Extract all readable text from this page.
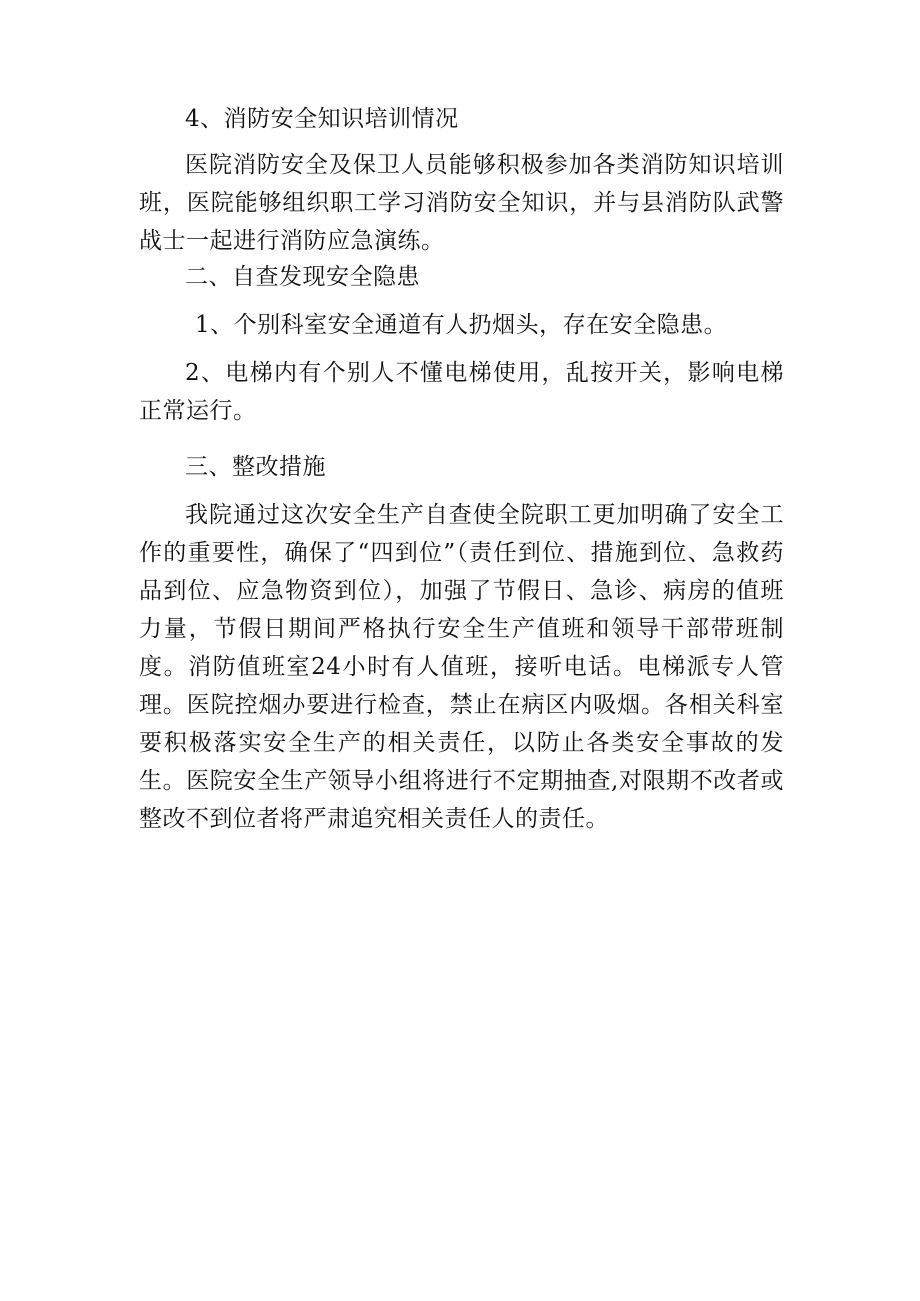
4、消防安全知识培训情况

医院消防安全及保卫人员能够积极参加各类消防知识培训班，医院能够组织职工学习消防安全知识，并与县消防队武警战士一起进行消防应急演练。

二、自查发现安全隐患

1、个别科室安全通道有人扔烟头，存在安全隐患。

2、电梯内有个别人不懂电梯使用，乱按开关，影响电梯正常运行。

三、整改措施

我院通过这次安全生产自查使全院职工更加明确了安全工作的重要性，确保了“四到位”（责任到位、措施到位、急救药品到位、应急物资到位），加强了节假日、急诊、病房的值班力量，节假日期间严格执行安全生产值班和领导干部带班制度。消防值班室24小时有人值班，接听电话。电梯派专人管理。医院控烟办要进行检查，禁止在病区内吸烟。各相关科室要积极落实安全生产的相关责任，以防止各类安全事故的发生。医院安全生产领导小组将进行不定期抽查,对限期不改者或整改不到位者将严肃追究相关责任人的责任。
